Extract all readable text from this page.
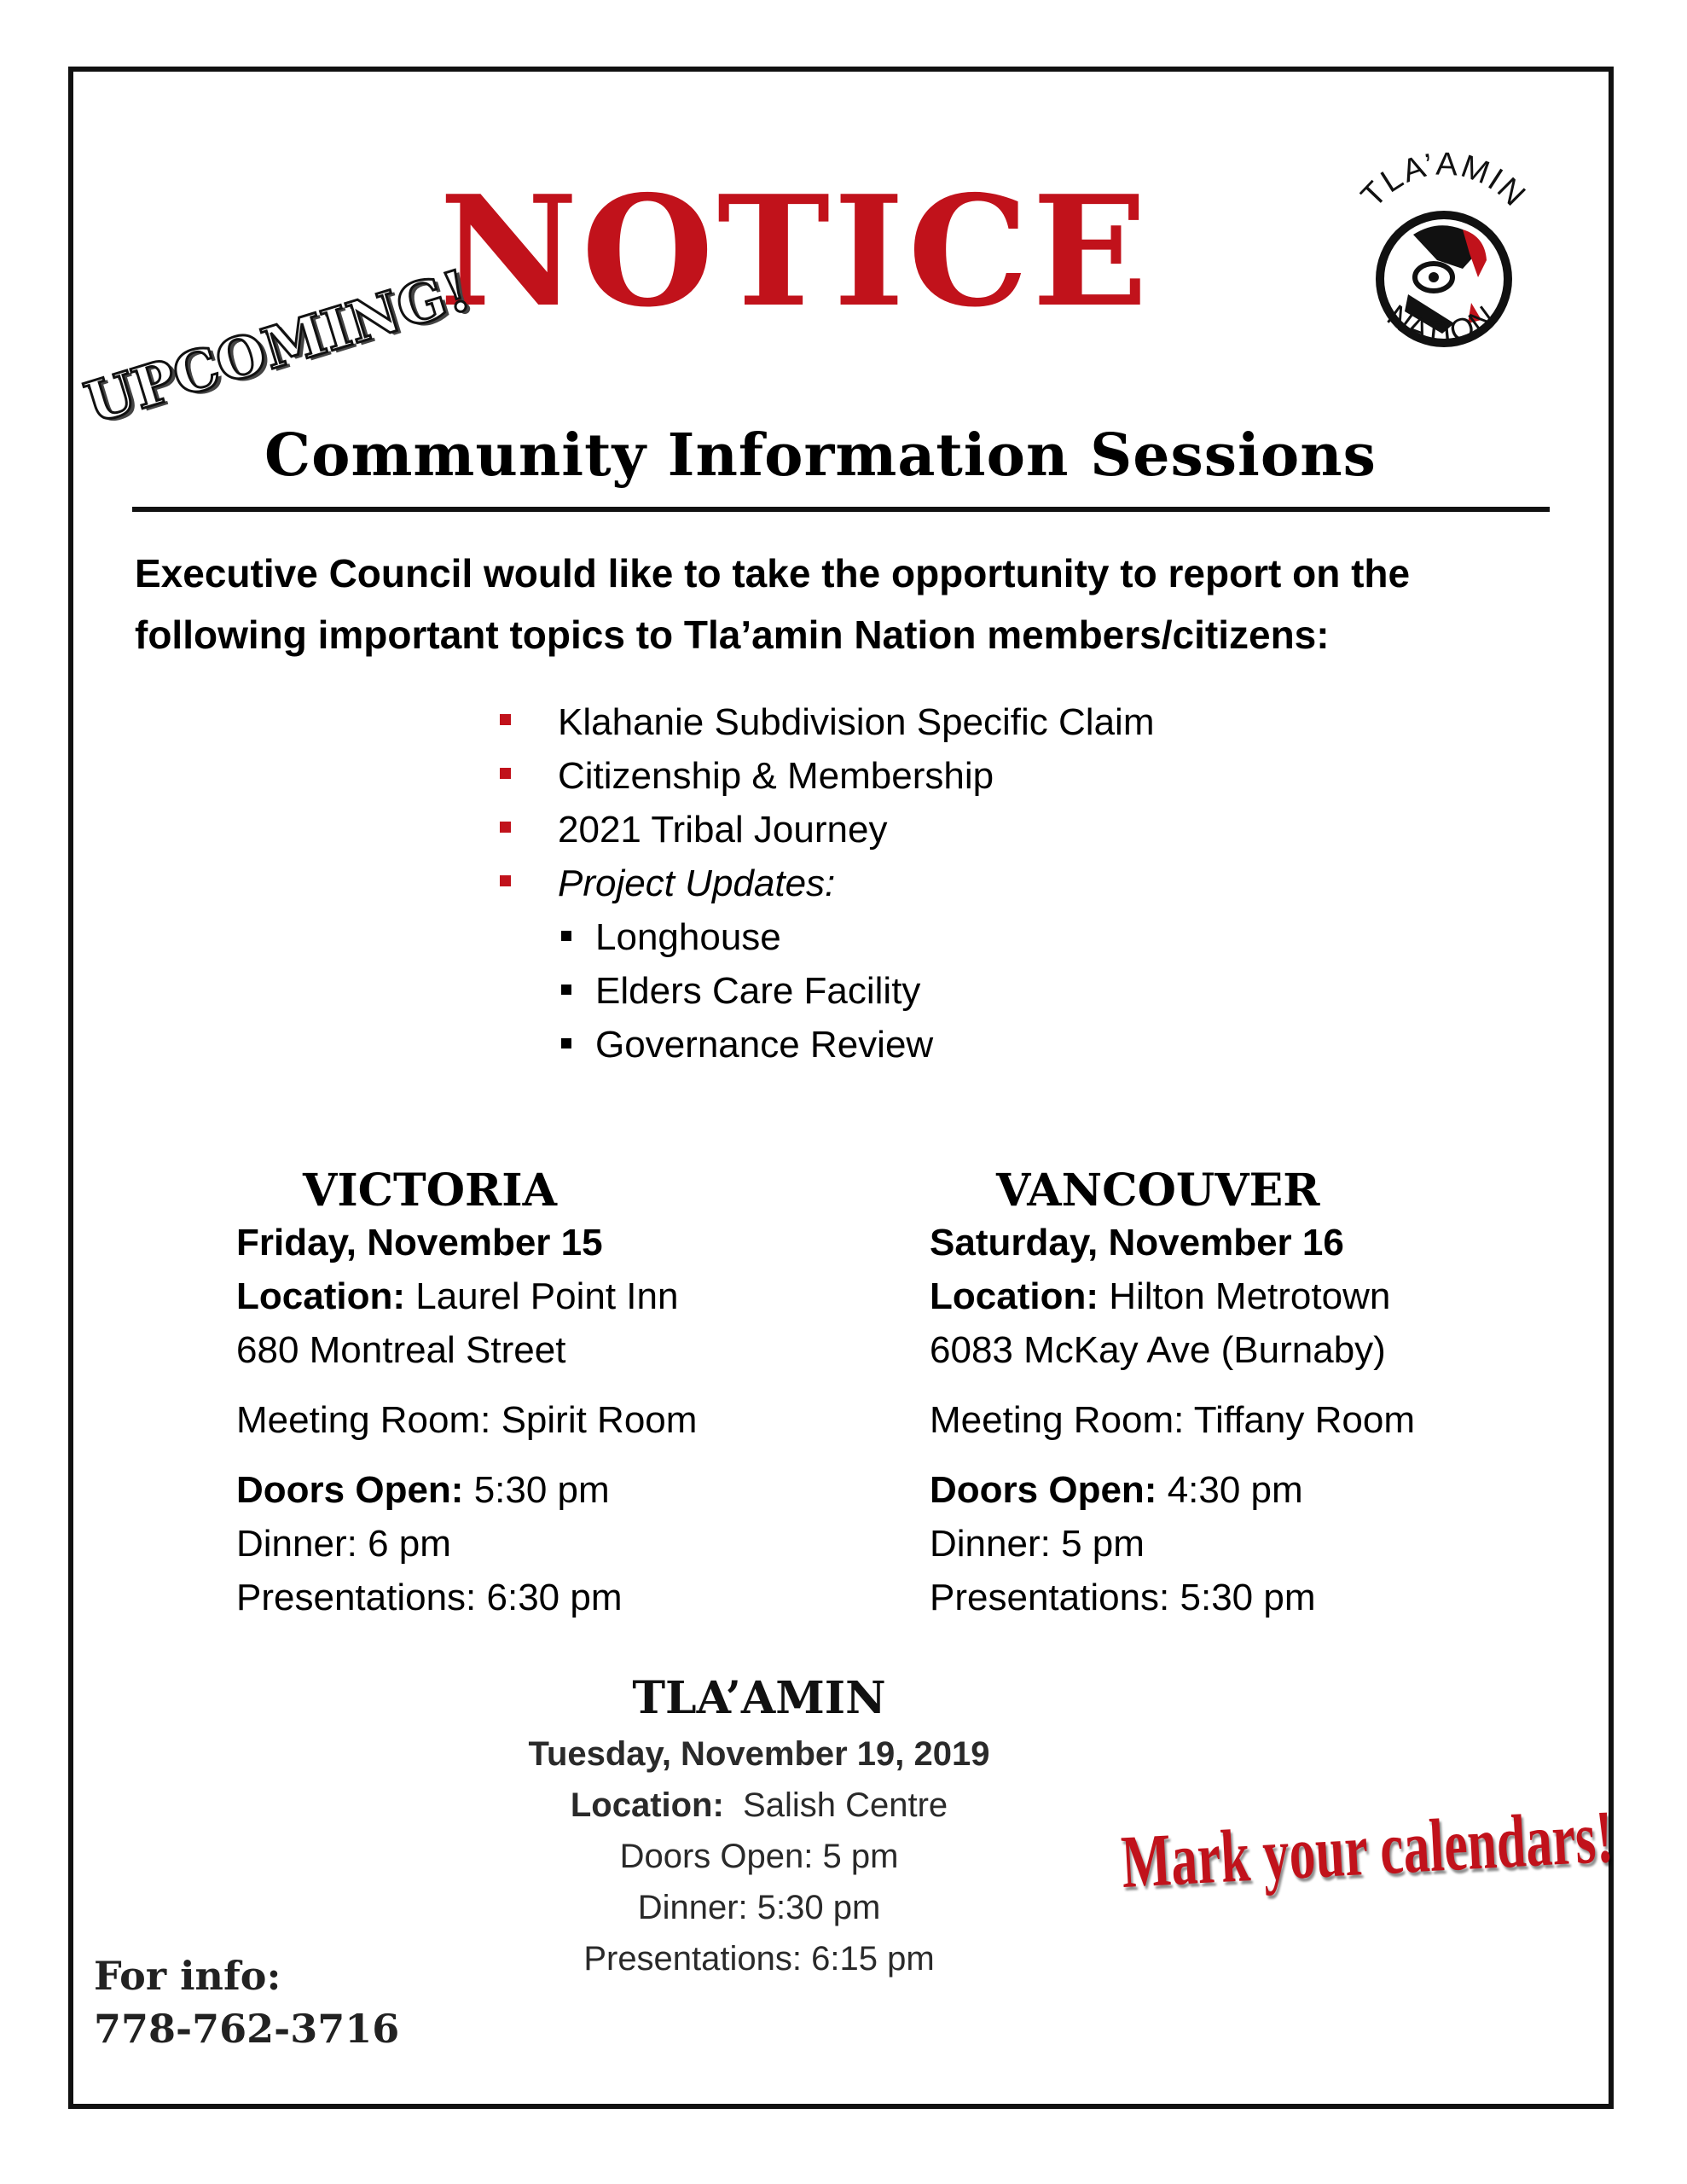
TLA’AMIN
NATION
NOTICE
UPCOMING!
Community Information Sessions

Executive Council would like to take the opportunity to report on the following important topics to Tla’amin Nation members/citizens:

Klahanie Subdivision Specific Claim
Citizenship & Membership
2021 Tribal Journey
Project Updates:
Longhouse
Elders Care Facility
Governance Review
VICTORIA
Friday, November 15
Location: Laurel Point Inn
680 Montreal Street
Meeting Room: Spirit Room
Doors Open: 5:30 pm
Dinner: 6 pm
Presentations: 6:30 pm
VANCOUVER
Saturday, November 16
Location: Hilton Metrotown
6083 McKay Ave (Burnaby)
Meeting Room: Tiffany Room
Doors Open: 4:30 pm
Dinner: 5 pm
Presentations: 5:30 pm
TLA’AMIN
Tuesday, November 19, 2019
Location: Salish Centre
Doors Open: 5 pm
Dinner: 5:30 pm
Presentations: 6:15 pm
Mark your calendars!
For info:
778-762-3716
